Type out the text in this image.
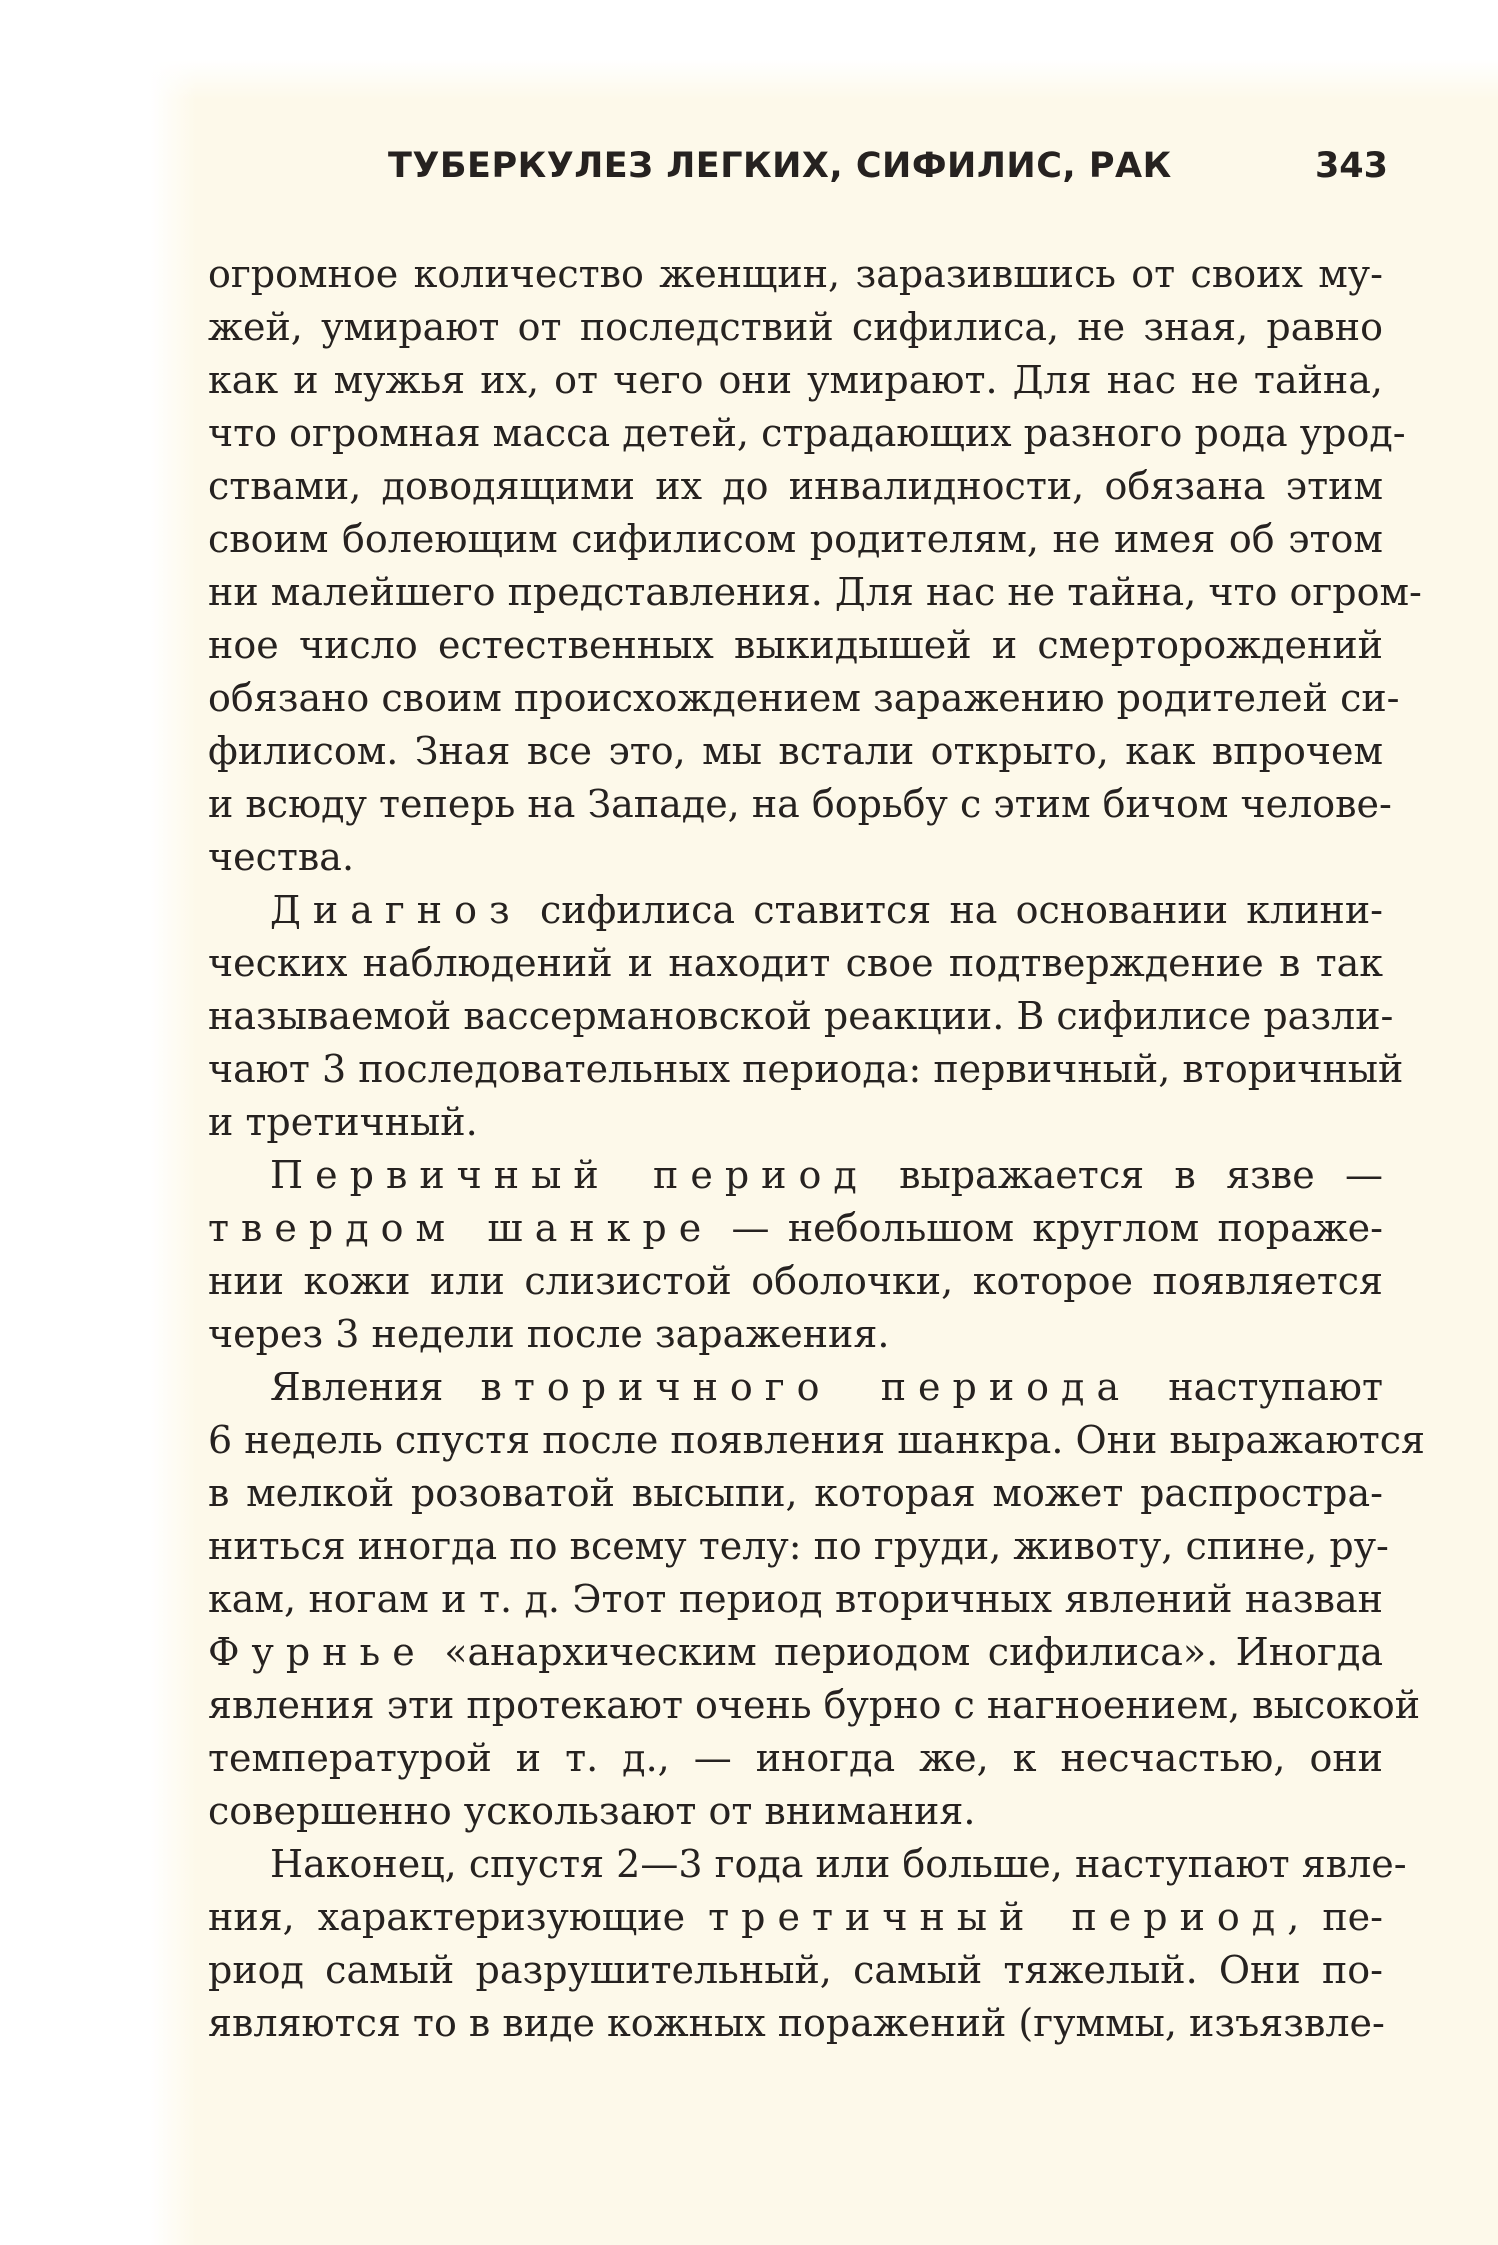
ТУБЕРКУЛЕЗ ЛЕГКИХ, СИФИЛИС, РАК	343

огромное количество женщин, заразившись от своих му-
жей, умирают от последствий сифилиса, не зная, равно
как и мужья их, от чего они умирают. Для нас не тайна,
что огромная масса детей, страдающих разного рода урод-
ствами, доводящими их до инвалидности, обязана этим
своим болеющим сифилисом родителям, не имея об этом
ни малейшего представления. Для нас не тайна, что огром-
ное число естественных выкидышей и смерторождений
обязано своим происхождением заражению родителей си-
филисом. Зная все это, мы встали открыто, как впрочем
и всюду теперь на Западе, на борьбу с этим бичом челове-
чества.

Диагноз сифилиса ставится на основании клини-
ческих наблюдений и находит свое подтверждение в так
называемой вассермановской реакции. В сифилисе разли-
чают 3 последовательных периода: первичный, вторичный
и третичный.

Первичный период выражается в язве —
твердом шанкре — небольшом круглом пораже-
нии кожи или слизистой оболочки, которое появляется
через 3 недели после заражения.

Явления вторичного периода наступают
6 недель спустя после появления шанкра. Они выражаются
в мелкой розоватой высыпи, которая может распростра-
ниться иногда по всему телу: по груди, животу, спине, ру-
кам, ногам и т. д. Этот период вторичных явлений назван
Фурнье «анархическим периодом сифилиса». Иногда
явления эти протекают очень бурно с нагноением, высокой
температурой и т. д., — иногда же, к несчастью, они
совершенно ускользают от внимания.

Наконец, спустя 2—3 года или больше, наступают явле-
ния, характеризующие третичный период, пе-
риод самый разрушительный, самый тяжелый. Они по-
являются то в виде кожных поражений (гуммы, изъязвле-
